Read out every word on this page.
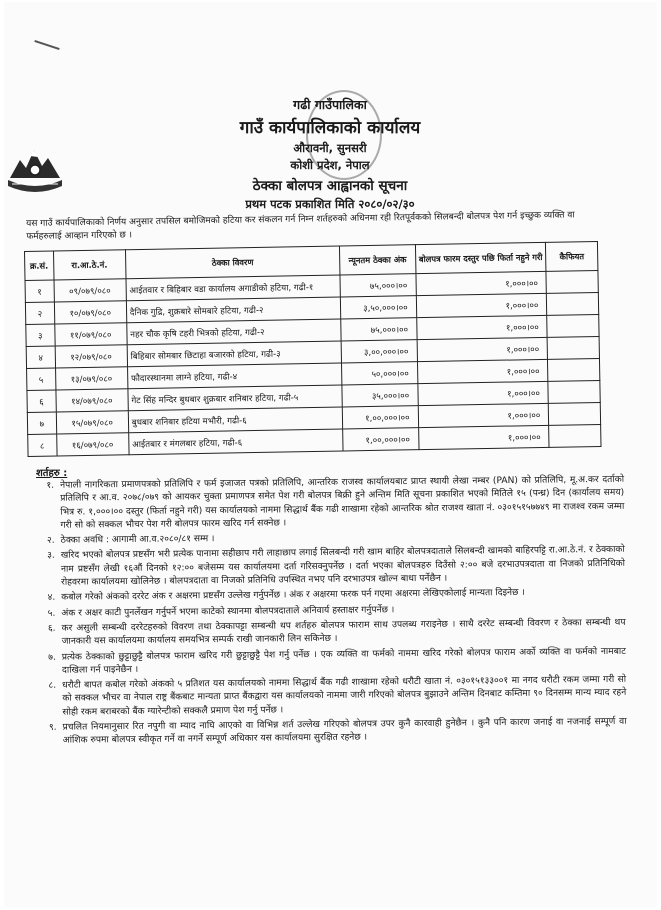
गढी गाउँपालिका
गाउँ कार्यपालिकाको कार्यालय
औरावनी, सुनसरी
कोशी प्रदेश, नेपाल
ठेक्का बोलपत्र आह्वानको सूचना
प्रथम पटक प्रकाशित मिति २०८०/०२/३०
यस गाउँ कार्यपालिकाको निर्णय अनुसार तपसिल बमोजिमको हटिया कर संकलन गर्न निम्न शर्तहरुको अधिनमा रही रितपूर्वकको सिलबन्दी बोलपत्र पेश गर्न इच्छुक व्यक्ति वा फर्महरुलाई आव्हान गरिएको छ ।
क्र.सं.	रा.आ.ठे.नं.	ठेक्का विवरण	न्यूनतम ठेक्का अंक	बोलपत्र फारम दस्तुर पछि फिर्ता नहुने गरी	कैफियत
१	०९/०७९/०८०	आईतवार र बिहिबार वडा कार्यालय अगाडीको हटिया, गढी-१	७५,०००।००	१,०००।००	
२	१०/०७९/०८०	दैनिक गुद्रि, शुक्रबारे सोमबारे हटिया, गढी-२	३,५०,०००।००	१,०००।००	
३	११/०७९/०८०	नहर चौक कृषि टहरी भित्रको हटिया, गढी-२	७५,०००।००	१,०००।००	
४	१२/०७९/०८०	बिहिबार सोमबार छिटाहा बजारको हटिया, गढी-३	३,००,०००।००	१,०००।००	
५	१३/०७९/०८०	फौदारस्थानमा लाग्ने हटिया, गढी-४	५०,०००।००	१,०००।००	
६	१४/०७९/०८०	गेट सिंह मन्दिर बुधबार शुक्रबार शनिबार हटिया, गढी-५	३५,०००।००	१,०००।००	
७	१५/०७९/०८०	बुधबार शनिबार हटिया मभौरी, गढी-६	१,००,०००।००	१,०००।००	
८	१६/०७९/०८०	आईतबार र मंगलबार हटिया, गढी-६	१,००,०००।००	१,०००।००	
शर्तहरु :
१. नेपाली नागरिकता प्रमाणपत्रको प्रतिलिपि र फर्म इजाजत पत्रको प्रतिलिपि, आन्तरिक राजस्व कार्यालयबाट प्राप्त स्थायी लेखा नम्बर (PAN) को प्रतिलिपि, मू.अ.कर दर्ताको प्रतिलिपि र आ.व. २०७८/०७९ को आयकर चुक्ता प्रमाणपत्र समेत पेश गरी बोलपत्र बिक्री हुने अन्तिम मिति सूचना प्रकाशित भएको मितिले १५ (पन्ध्र) दिन (कार्यालय समय) भित्र रु. १,०००।०० दस्तुर (फिर्ता नहुने गरी) यस कार्यालयको नाममा सिद्धार्थ बैंक गढी शाखामा रहेको आन्तरिक श्रोत राजश्व खाता नं. ०३०१५१५७७४९ मा राजश्व रकम जम्मा गरी सो को सक्कल भौचर पेश गरी बोलपत्र फारम खरिद गर्न सक्नेछ ।
२. ठेक्का अवधि : आगामी आ.व.२०८०/८१ सम्म ।
३. खरिद भएको बोलपत्र प्रष्टसँग भरी प्रत्येक पानामा सहीछाप गरी लाहाछाप लगाई सिलबन्दी गरी खाम बाहिर बोलपत्रदाताले सिलबन्दी खामको बाहिरपट्टि रा.आ.ठे.नं. र ठेक्काको नाम प्रष्टसँग लेखी १६औं दिनको १२:०० बजेसम्म यस कार्यालयमा दर्ता गरिसक्नुपर्नेछ । दर्ता भएका बोलपत्रहरु दिउँसो २:०० बजे दरभाउपत्रदाता वा निजको प्रतिनिधिको रोहवरमा कार्यालयमा खोलिनेछ । बोलपत्रदाता वा निजको प्रतिनिधि उपस्थित नभए पनि दरभाउपत्र खोल्न बाधा पर्नेछैन ।
४. कबोल गरेको अंकको दररेट अंक र अक्षरमा प्रष्टसँग उल्लेख गर्नुपर्नेछ । अंक र अक्षरमा फरक पर्न गएमा अक्षरमा लेखिएकोलाई मान्यता दिइनेछ ।
५. अंक र अक्षर काटी पुनर्लेखन गर्नुपर्ने भएमा काटेको स्थानमा बोलपत्रदाताले अनिवार्य हस्ताक्षर गर्नुपर्नेछ ।
६. कर असुली सम्बन्धी दररेटहरुको विवरण तथा ठेक्कापट्टा सम्बन्धी थप शर्तहरु बोलपत्र फाराम साथ उपलब्ध गराइनेछ । साथै दररेट सम्बन्धी विवरण र ठेक्का सम्बन्धी थप जानकारी यस कार्यालयमा कार्यालय समयभित्र सम्पर्क राखी जानकारी लिन सकिनेछ ।
७. प्रत्येक ठेक्काको छुट्टाछुट्टै बोलपत्र फाराम खरिद गरी छुट्टाछुट्टै पेश गर्नु पर्नेछ । एक व्यक्ति वा फर्मको नाममा खरिद गरेको बोलपत्र फाराम अर्को व्यक्ति वा फर्मको नामबाट दाखिला गर्न पाइनेछैन ।
८. धरौटी बापत कबोल गरेको अंकको ५ प्रतिशत यस कार्यालयको नाममा सिद्धार्थ बैंक गढी शाखामा रहेको धरौटी खाता नं. ०३०१५१३३००१ मा नगद धरौटी रकम जम्मा गरी सो को सक्कल भौचर वा नेपाल राष्ट्र बैंकबाट मान्यता प्राप्त बैंकद्वारा यस कार्यालयको नाममा जारी गरिएको बोलपत्र बुझाउने अन्तिम दिनबाट कम्तिमा ९० दिनसम्म मान्य म्याद रहने सोही रकम बराबरको बैंक ग्यारेन्टीको सक्कलै प्रमाण पेश गर्नु पर्नेछ ।
९. प्रचलित नियमानुसार रित नपुगी वा म्याद नाघि आएको वा विभिन्न शर्त उल्लेख गरिएको बोलपत्र उपर कुनै कारवाही हुनेछैन । कुनै पनि कारण जनाई वा नजनाई सम्पूर्ण वा आंशिक रुपमा बोलपत्र स्वीकृत गर्ने वा नगर्ने सम्पूर्ण अधिकार यस कार्यालयमा सुरक्षित रहनेछ ।
